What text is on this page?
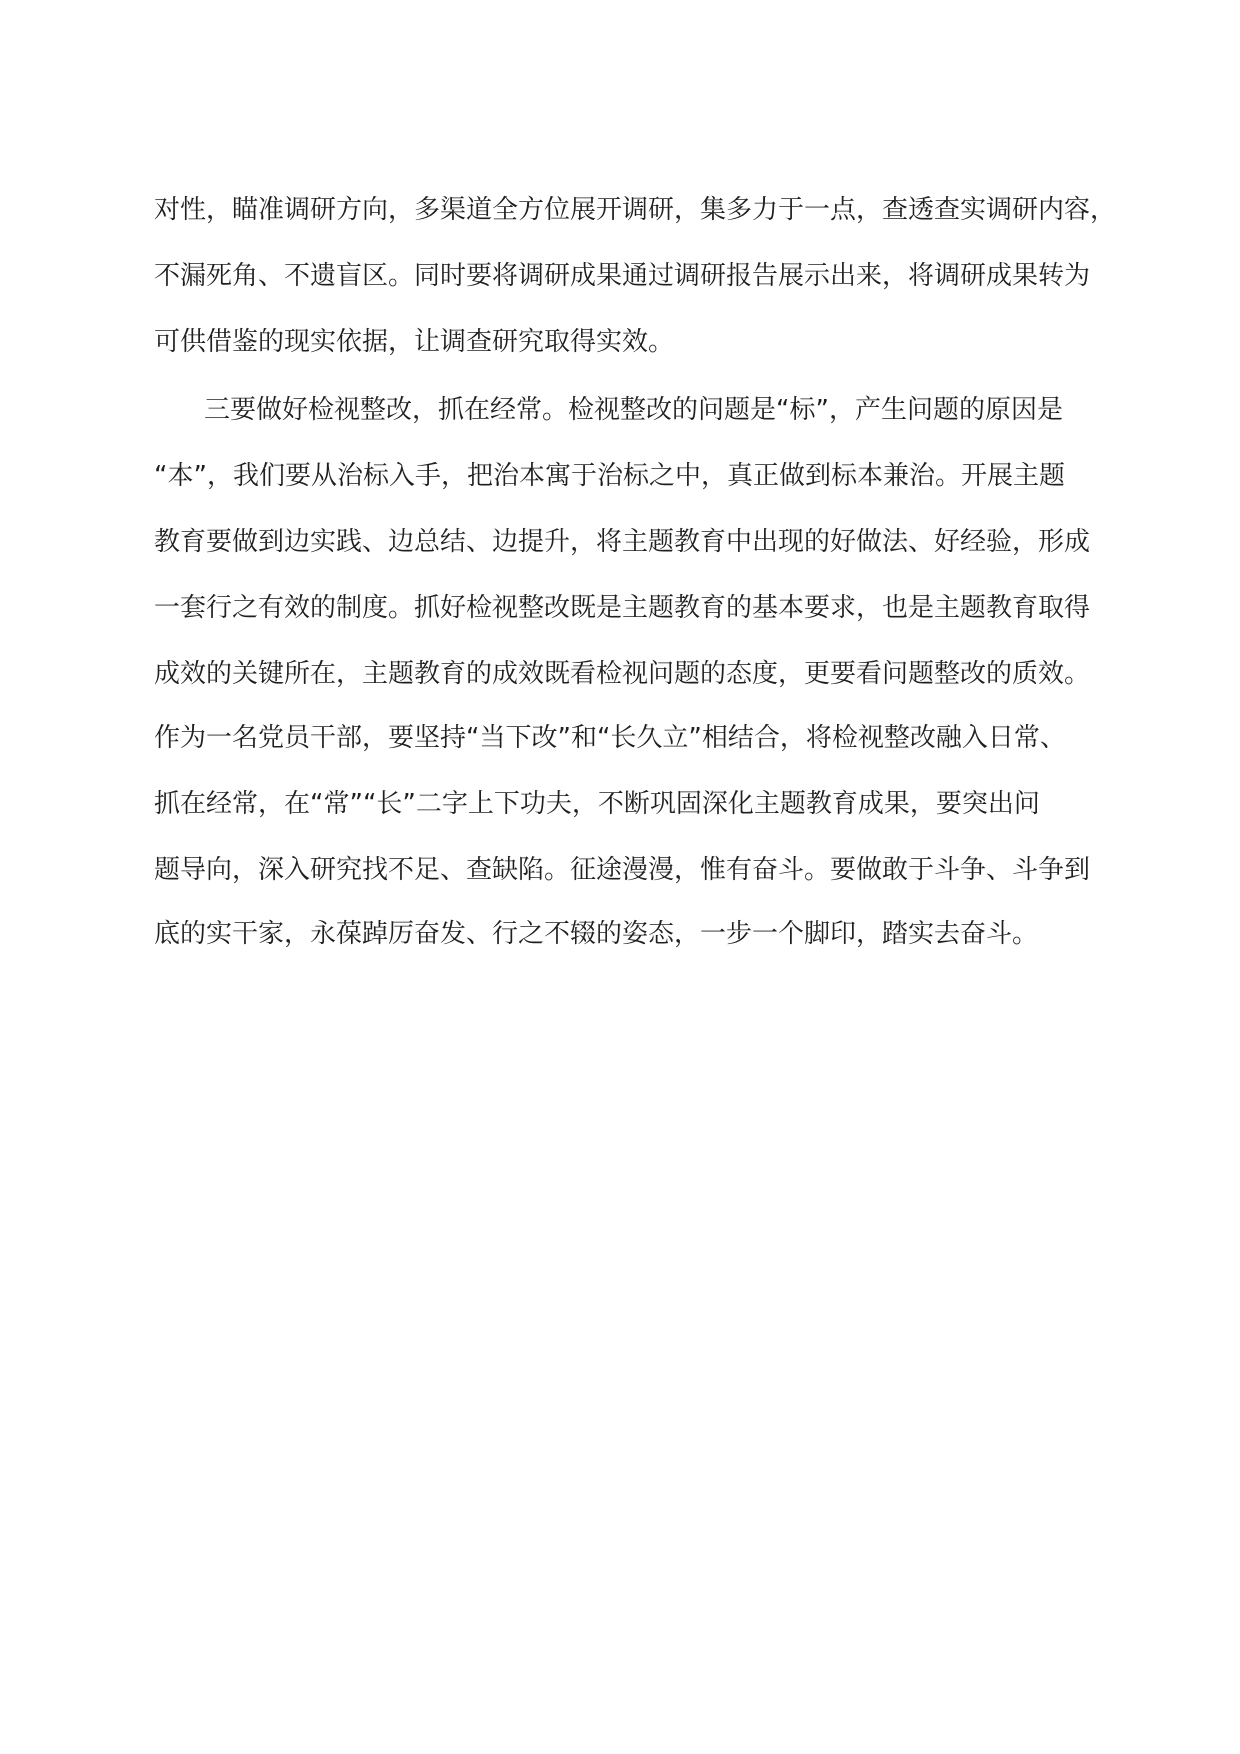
对性，瞄准调研方向，多渠道全方位展开调研，集多力于一点，查透查实调研内容，
不漏死角、不遗盲区。同时要将调研成果通过调研报告展示出来，将调研成果转为
可供借鉴的现实依据，让调查研究取得实效。
三要做好检视整改，抓在经常。检视整改的问题是“标”，产生问题的原因是
“本”，我们要从治标入手，把治本寓于治标之中，真正做到标本兼治。开展主题
教育要做到边实践、边总结、边提升，将主题教育中出现的好做法、好经验，形成
一套行之有效的制度。抓好检视整改既是主题教育的基本要求，也是主题教育取得
成效的关键所在，主题教育的成效既看检视问题的态度，更要看问题整改的质效。
作为一名党员干部，要坚持“当下改”和“长久立”相结合，将检视整改融入日常、
抓在经常，在“常”“长”二字上下功夫，不断巩固深化主题教育成果，要突出问
题导向，深入研究找不足、查缺陷。征途漫漫，惟有奋斗。要做敢于斗争、斗争到
底的实干家，永葆踔厉奋发、行之不辍的姿态，一步一个脚印，踏实去奋斗。
